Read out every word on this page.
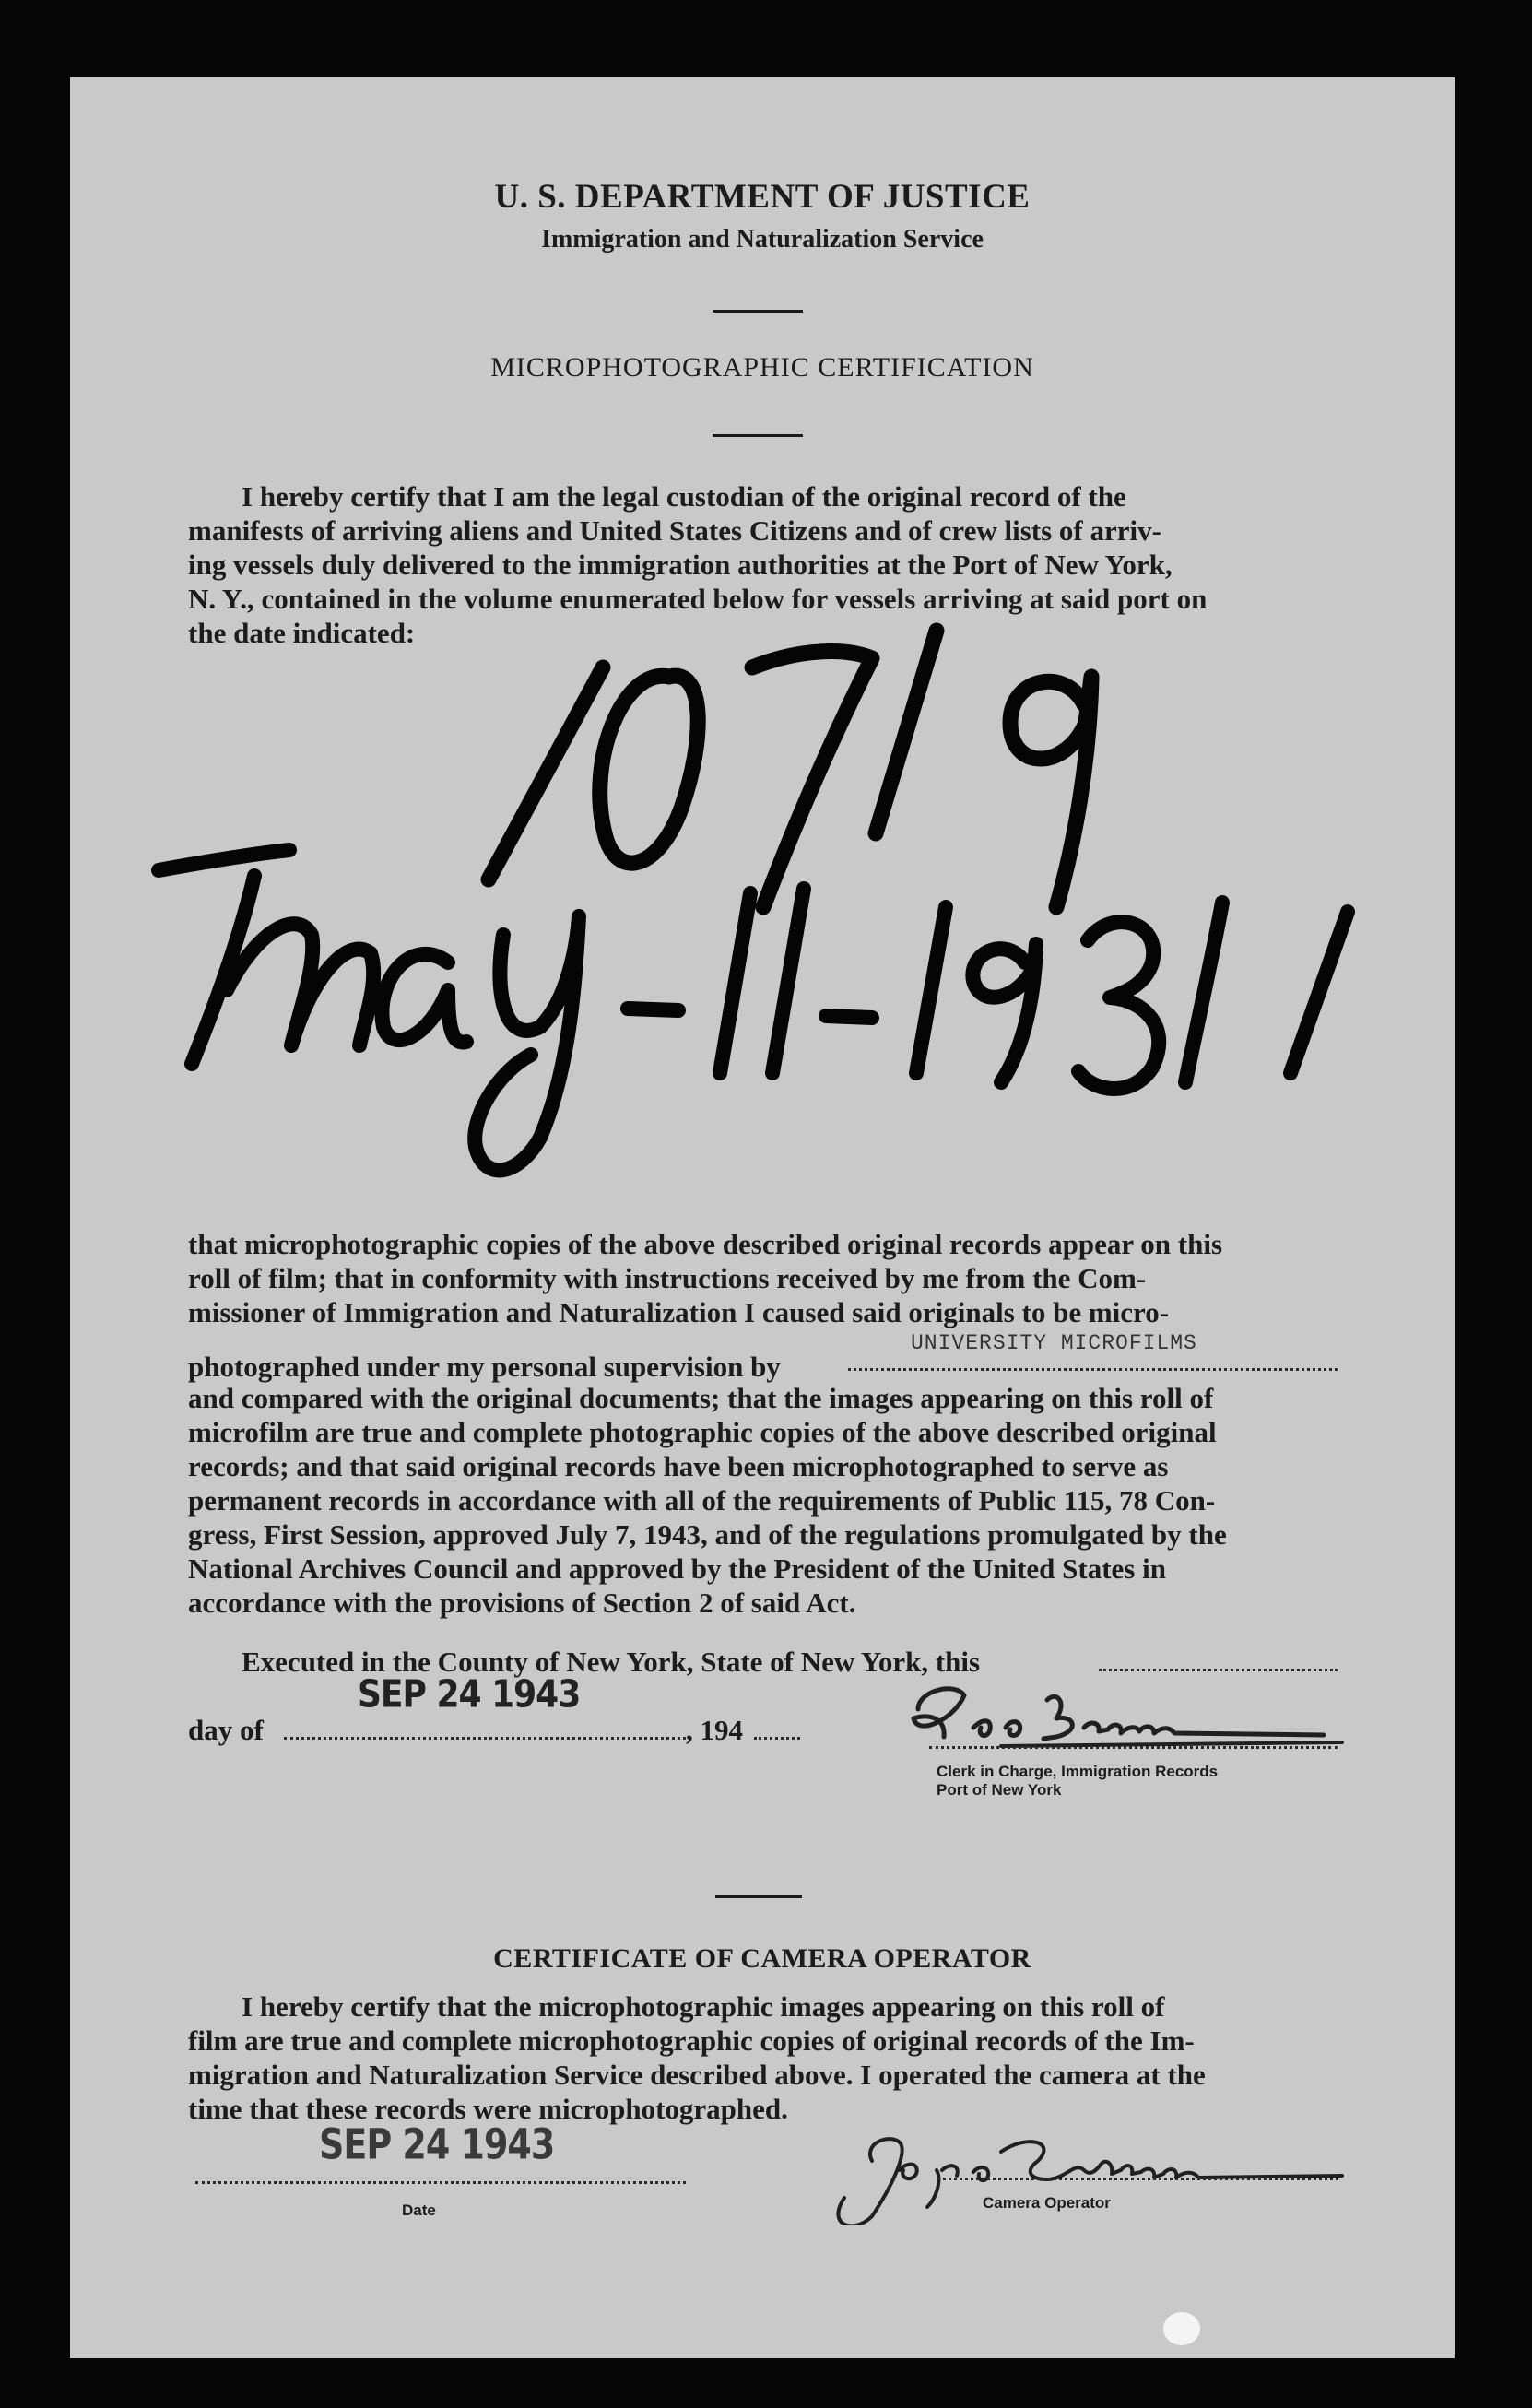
U. S. DEPARTMENT OF JUSTICE
Immigration and Naturalization Service
MICROPHOTOGRAPHIC CERTIFICATION
I hereby certify that I am the legal custodian of the original record of the
manifests of arriving aliens and United States Citizens and of crew lists of arriv-
ing vessels duly delivered to the immigration authorities at the Port of New York,
N. Y., contained in the volume enumerated below for vessels arriving at said port on
the date indicated:
that microphotographic copies of the above described original records appear on this
roll of film; that in conformity with instructions received by me from the Com-
missioner of Immigration and Naturalization I caused said originals to be micro-
photographed under my personal supervision by
UNIVERSITY MICROFILMS
and compared with the original documents; that the images appearing on this roll of
microfilm are true and complete photographic copies of the above described original
records; and that said original records have been microphotographed to serve as
permanent records in accordance with all of the requirements of Public 115, 78 Con-
gress, First Session, approved July 7, 1943, and of the regulations promulgated by the
National Archives Council and approved by the President of the United States in
accordance with the provisions of Section 2 of said Act.
Executed in the County of New York, State of New York, this
SEP 24 1943
day of	, 194
Clerk in Charge, Immigration Records
Port of New York
CERTIFICATE OF CAMERA OPERATOR
I hereby certify that the microphotographic images appearing on this roll of
film are true and complete microphotographic copies of original records of the Im-
migration and Naturalization Service described above. I operated the camera at the
time that these records were microphotographed.
SEP 24 1943
Date	Camera Operator
